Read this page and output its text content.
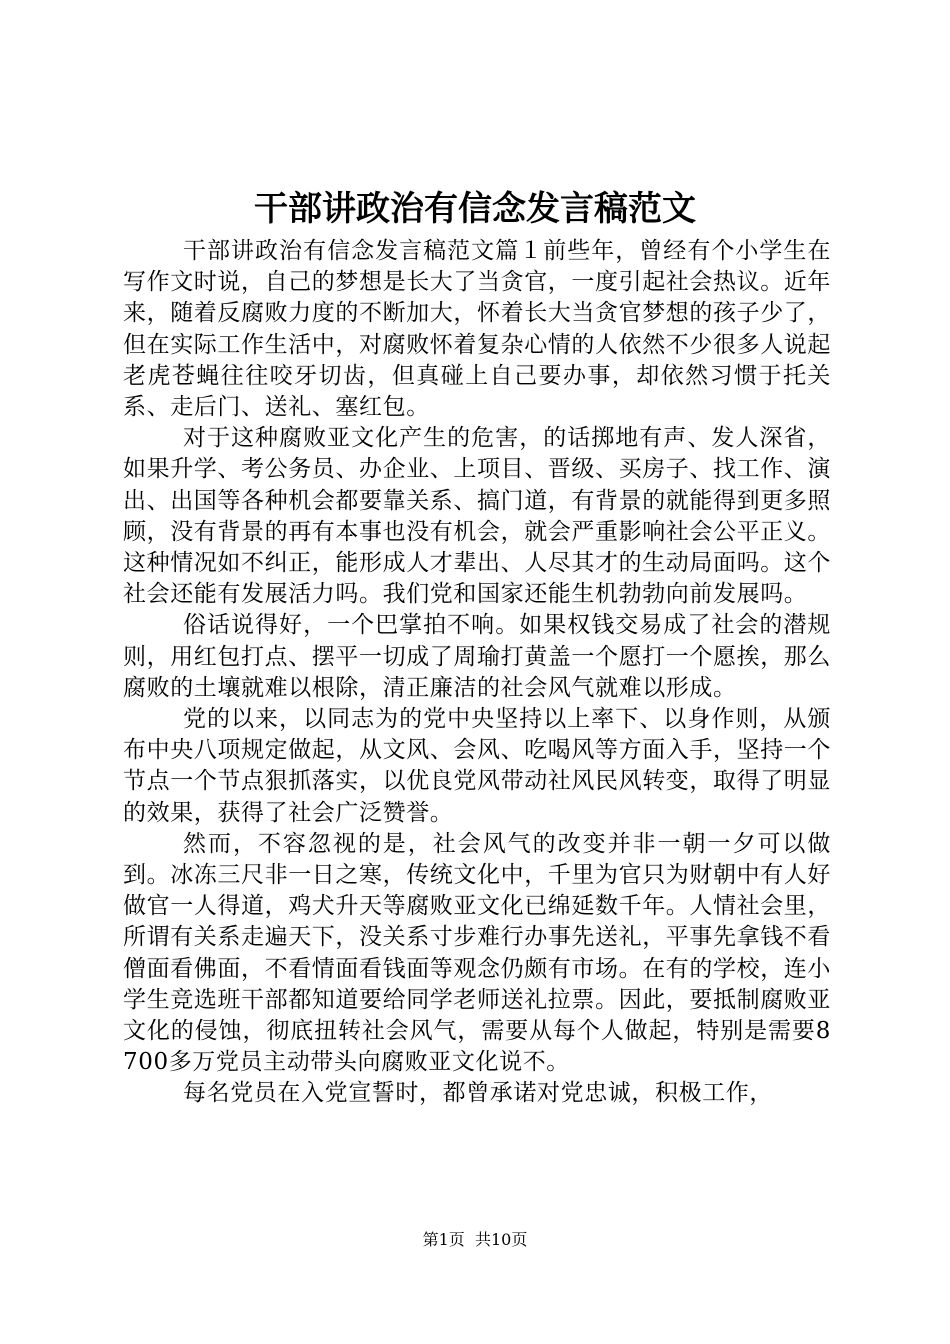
干部讲政治有信念发言稿范文

干部讲政治有信念发言稿范文篇１前些年，曾经有个小学生在写作文时说，自己的梦想是长大了当贪官，一度引起社会热议。近年来，随着反腐败力度的不断加大，怀着长大当贪官梦想的孩子少了，但在实际工作生活中，对腐败怀着复杂心情的人依然不少很多人说起老虎苍蝇往往咬牙切齿，但真碰上自己要办事，却依然习惯于托关系、走后门、送礼、塞红包。

对于这种腐败亚文化产生的危害，的话掷地有声、发人深省，如果升学、考公务员、办企业、上项目、晋级、买房子、找工作、演出、出国等各种机会都要靠关系、搞门道，有背景的就能得到更多照顾，没有背景的再有本事也没有机会，就会严重影响社会公平正义。这种情况如不纠正，能形成人才辈出、人尽其才的生动局面吗。这个社会还能有发展活力吗。我们党和国家还能生机勃勃向前发展吗。

俗话说得好，一个巴掌拍不响。如果权钱交易成了社会的潜规则，用红包打点、摆平一切成了周瑜打黄盖一个愿打一个愿挨，那么腐败的土壤就难以根除，清正廉洁的社会风气就难以形成。

党的以来，以同志为的党中央坚持以上率下、以身作则，从颁布中央八项规定做起，从文风、会风、吃喝风等方面入手，坚持一个节点一个节点狠抓落实，以优良党风带动社风民风转变，取得了明显的效果，获得了社会广泛赞誉。

然而，不容忽视的是，社会风气的改变并非一朝一夕可以做到。冰冻三尺非一日之寒，传统文化中，千里为官只为财朝中有人好做官一人得道，鸡犬升天等腐败亚文化已绵延数千年。人情社会里，所谓有关系走遍天下，没关系寸步难行办事先送礼，平事先拿钱不看僧面看佛面，不看情面看钱面等观念仍颇有市场。在有的学校，连小学生竞选班干部都知道要给同学老师送礼拉票。因此，要抵制腐败亚文化的侵蚀，彻底扭转社会风气，需要从每个人做起，特别是需要8700多万党员主动带头向腐败亚文化说不。

每名党员在入党宣誓时，都曾承诺对党忠诚，积极工作，

第1页 共10页
